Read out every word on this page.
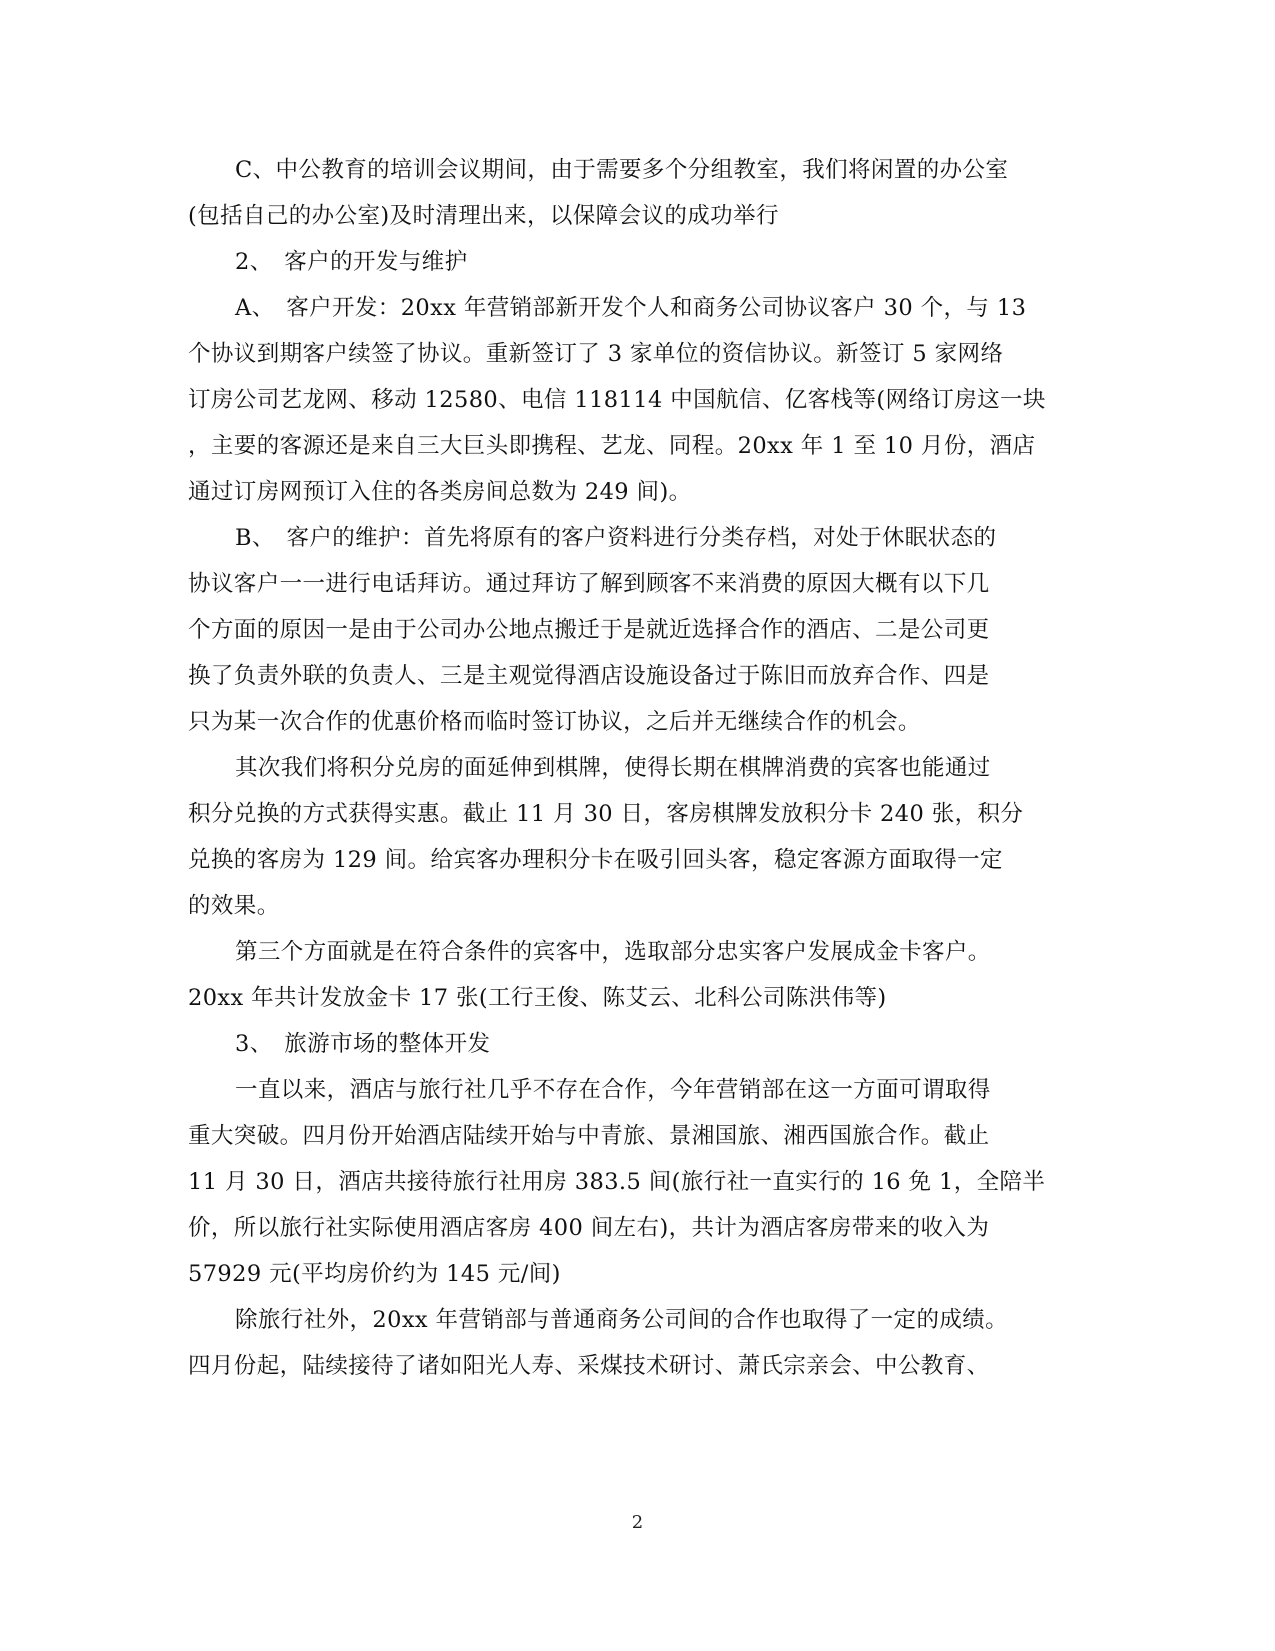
C、中公教育的培训会议期间，由于需要多个分组教室，我们将闲置的办公室
(包括自己的办公室)及时清理出来，以保障会议的成功举行
2、　客户的开发与维护
A、　客户开发：20xx 年营销部新开发个人和商务公司协议客户 30 个，与 13
个协议到期客户续签了协议。重新签订了 3 家单位的资信协议。新签订 5 家网络
订房公司艺龙网、移动 12580、电信 118114 中国航信、亿客栈等(网络订房这一块
，主要的客源还是来自三大巨头即携程、艺龙、同程。20xx 年 1 至 10 月份，酒店
通过订房网预订入住的各类房间总数为 249 间)。
B、　客户的维护：首先将原有的客户资料进行分类存档，对处于休眠状态的
协议客户一一进行电话拜访。通过拜访了解到顾客不来消费的原因大概有以下几
个方面的原因一是由于公司办公地点搬迁于是就近选择合作的酒店、二是公司更
换了负责外联的负责人、三是主观觉得酒店设施设备过于陈旧而放弃合作、四是
只为某一次合作的优惠价格而临时签订协议，之后并无继续合作的机会。
其次我们将积分兑房的面延伸到棋牌，使得长期在棋牌消费的宾客也能通过
积分兑换的方式获得实惠。截止 11 月 30 日，客房棋牌发放积分卡 240 张，积分
兑换的客房为 129 间。给宾客办理积分卡在吸引回头客，稳定客源方面取得一定
的效果。
第三个方面就是在符合条件的宾客中，选取部分忠实客户发展成金卡客户。
20xx 年共计发放金卡 17 张(工行王俊、陈艾云、北科公司陈洪伟等)
3、　旅游市场的整体开发
一直以来，酒店与旅行社几乎不存在合作，今年营销部在这一方面可谓取得
重大突破。四月份开始酒店陆续开始与中青旅、景湘国旅、湘西国旅合作。截止
11 月 30 日，酒店共接待旅行社用房 383.5 间(旅行社一直实行的 16 免 1，全陪半
价，所以旅行社实际使用酒店客房 400 间左右)，共计为酒店客房带来的收入为
57929 元(平均房价约为 145 元/间)
除旅行社外，20xx 年营销部与普通商务公司间的合作也取得了一定的成绩。
四月份起，陆续接待了诸如阳光人寿、采煤技术研讨、萧氏宗亲会、中公教育、
2
